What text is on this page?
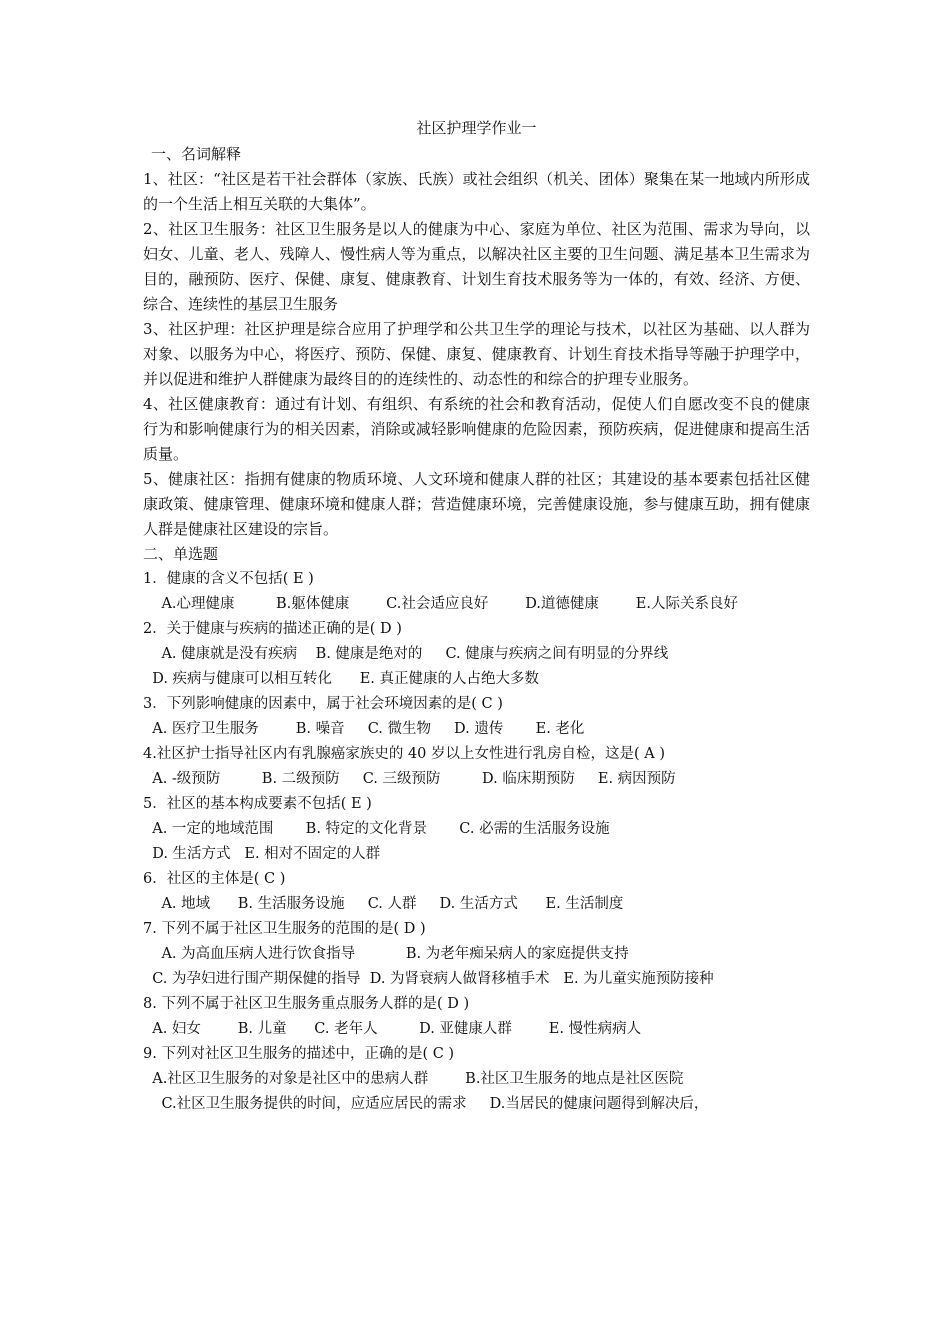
社区护理学作业一

一、名词解释

1、社区：“社区是若干社会群体（家族、氏族）或社会组织（机关、团体）聚集在某一地域内所形成的一个生活上相互关联的大集体”。

2、社区卫生服务：社区卫生服务是以人的健康为中心、家庭为单位、社区为范围、需求为导向，以妇女、儿童、老人、残障人、慢性病人等为重点，以解决社区主要的卫生问题、满足基本卫生需求为目的，融预防、医疗、保健、康复、健康教育、计划生育技术服务等为一体的，有效、经济、方便、综合、连续性的基层卫生服务

3、社区护理：社区护理是综合应用了护理学和公共卫生学的理论与技术，以社区为基础、以人群为对象、以服务为中心，将医疗、预防、保健、康复、健康教育、计划生育技术指导等融于护理学中，并以促进和维护人群健康为最终目的的连续性的、动态性的和综合的护理专业服务。

4、社区健康教育：通过有计划、有组织、有系统的社会和教育活动，促使人们自愿改变不良的健康行为和影响健康行为的相关因素，消除或减轻影响健康的危险因素，预防疾病，促进健康和提高生活质量。

5、健康社区：指拥有健康的物质环境、人文环境和健康人群的社区；其建设的基本要素包括社区健康政策、健康管理、健康环境和健康人群；营造健康环境，完善健康设施，参与健康互助，拥有健康人群是健康社区建设的宗旨。

二、单选题

1．健康的含义不包括( E )

A.心理健康         B.躯体健康        C.社会适应良好        D.道德健康        E.人际关系良好

2．关于健康与疾病的描述正确的是( D )

A. 健康就是没有疾病    B. 健康是绝对的     C. 健康与疾病之间有明显的分界线

D. 疾病与健康可以相互转化      E. 真正健康的人占绝大多数

3．下列影响健康的因素中，属于社会环境因素的是( C )

A. 医疗卫生服务        B. 噪音     C. 微生物     D. 遗传       E. 老化

4.社区护士指导社区内有乳腺癌家族史的 40 岁以上女性进行乳房自检，这是( A )

A. -级预防         B. 二级预防     C. 三级预防         D. 临床期预防     E. 病因预防

5．社区的基本构成要素不包括( E )

A. 一定的地域范围       B. 特定的文化背景       C. 必需的生活服务设施

D. 生活方式   E. 相对不固定的人群

6．社区的主体是( C )

A. 地域      B. 生活服务设施     C. 人群     D. 生活方式      E. 生活制度

7. 下列不属于社区卫生服务的范围的是( D )

A. 为高血压病人进行饮食指导           B. 为老年痴呆病人的家庭提供支持

C. 为孕妇进行围产期保健的指导  D. 为肾衰病人做肾移植手术   E. 为儿童实施预防接种

8. 下列不属于社区卫生服务重点服务人群的是( D )

A. 妇女        B. 儿童      C. 老年人         D. 亚健康人群        E. 慢性病病人

9. 下列对社区卫生服务的描述中，正确的是( C )

A.社区卫生服务的对象是社区中的患病人群        B.社区卫生服务的地点是社区医院

C.社区卫生服务提供的时间，应适应居民的需求     D.当居民的健康问题得到解决后，
